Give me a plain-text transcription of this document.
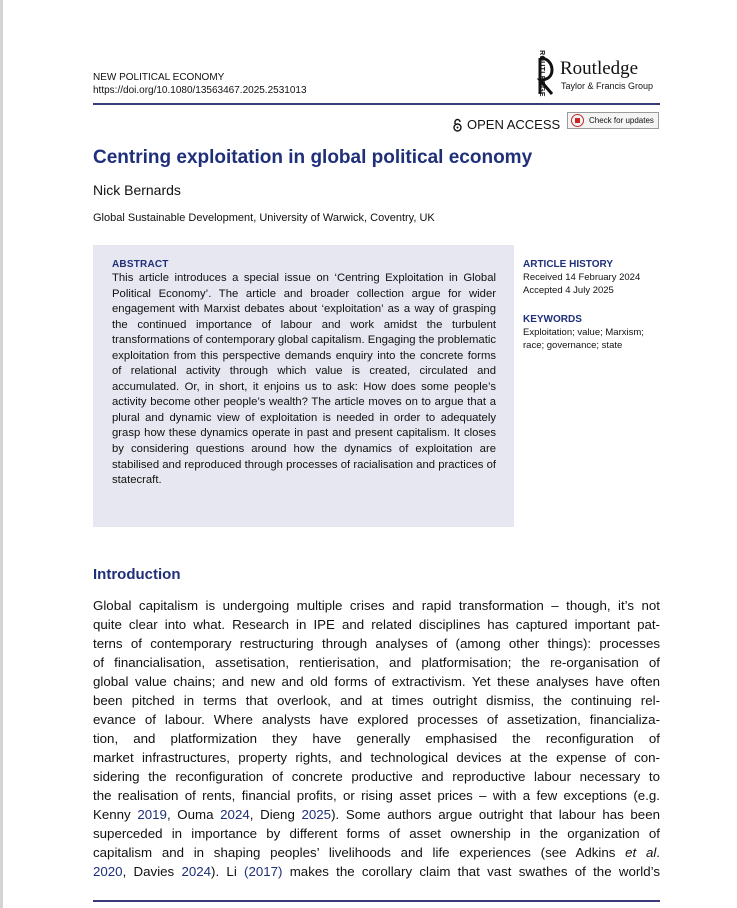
NEW POLITICAL ECONOMY
https://doi.org/10.1080/13563467.2025.2531013	ROUTLEDGE Routledge
Taylor & Francis Group
OPEN ACCESS	Check for updates
Centring exploitation in global political economy
Nick Bernards
Global Sustainable Development, University of Warwick, Coventry, UK
ABSTRACT
This article introduces a special issue on ‘Centring Exploitation in Global Political Economy’. The article and broader collection argue for wider engagement with Marxist debates about ‘exploitation’ as a way of grasping the continued importance of labour and work amidst the turbulent transformations of contemporary global capitalism. Engaging the problematic exploitation from this perspective demands enquiry into the concrete forms of relational activity through which value is created, circulated and accumulated. Or, in short, it enjoins us to ask: How does some people’s activity become other people’s wealth? The article moves on to argue that a plural and dynamic view of exploitation is needed in order to adequately grasp how these dynamics operate in past and present capitalism. It closes by considering questions around how the dynamics of exploitation are stabilised and reproduced through processes of racialisation and practices of statecraft.
ARTICLE HISTORY
Received 14 February 2024
Accepted 4 July 2025
KEYWORDS
Exploitation; value; Marxism;
race; governance; state
Introduction
Global capitalism is undergoing multiple crises and rapid transformation – though, it’s not
quite clear into what. Research in IPE and related disciplines has captured important pat-
terns of contemporary restructuring through analyses of (among other things): processes
of financialisation, assetisation, rentierisation, and platformisation; the re-organisation of
global value chains; and new and old forms of extractivism. Yet these analyses have often
been pitched in terms that overlook, and at times outright dismiss, the continuing rel-
evance of labour. Where analysts have explored processes of assetization, financializa-
tion, and platformization they have generally emphasised the reconfiguration of
market infrastructures, property rights, and technological devices at the expense of con-
sidering the reconfiguration of concrete productive and reproductive labour necessary to
the realisation of rents, financial profits, or rising asset prices – with a few exceptions (e.g.
Kenny 2019, Ouma 2024, Dieng 2025). Some authors argue outright that labour has been
superceded in importance by different forms of asset ownership in the organization of
capitalism and in shaping peoples’ livelihoods and life experiences (see Adkins et al.
2020, Davies 2024). Li (2017) makes the corollary claim that vast swathes of the world’s
